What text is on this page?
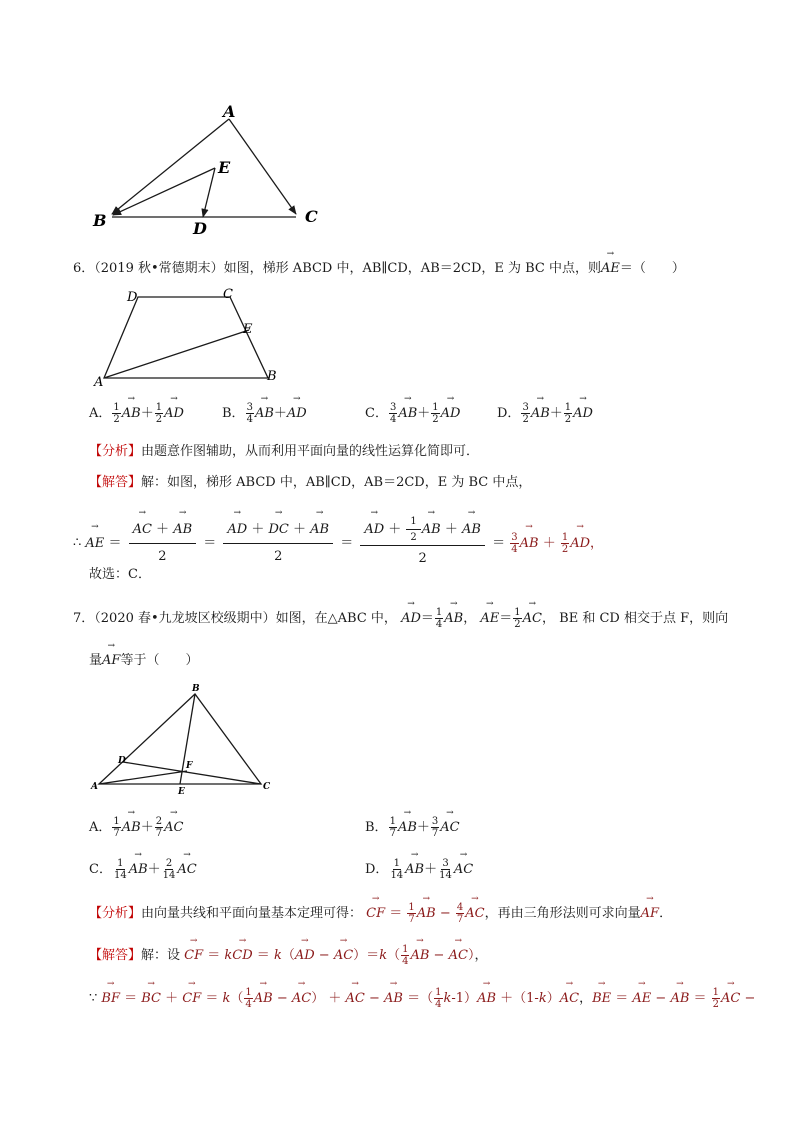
A
E
B	C
D
6．（2019 秋•常德期末）如图，梯形 ABCD 中，AB∥CD，AB＝2CD，E 为 BC 中点，则→ AE＝（　　）
D	C
E
A	B
A． $\frac{1}{2}$
→ $AB+ \frac{1}{2}$
→ AD	B． $\frac{3}{4}$
→ AB＋→ AD	C． $\frac{3}{4}$
→ $AB+ \frac{1}{2}$
→ AD	D． $\frac{3}{2}$
→ $AB+ \frac{1}{2}$
→ AD
【分析】由题意作图辅助，从而利用平面向量的线性运算化简即可．
【解答】解：如图，梯形 ABCD 中，AB∥CD，AB＝2CD，E 为 BC 中点，
∴ → AE ＝
→ $\frac{AC + \to AB}{2}$ ＝
→ $\frac{AD + \to DC + \to AB}{2}$ ＝
→ AD ＋ $\frac{1}{2}$
→ AB ＋ → AB
$2 = \frac{3}{4}$
→ AB ＋ $\frac{1}{2}$
→ AD，
故选：C．
7．（2020 春•九龙坡区校级期中）如图，在△ABC 中， → $AD= \frac{1}{4}$
→ AB， → $AE= \frac{1}{2}$
→ AC， BE 和 CD 相交于点 F，则向
量→ AF等于（　　）
B
D	F
A	E	C
A． $\frac{1}{7}$
→ $AB+ \frac{2}{7}$
→ AC	B． $\frac{1}{7}$
→ $AB+ \frac{3}{7}$
→ AC
C． $\frac{1}{14}$
→ $AB+ \frac{2}{14}$
→ AC	D． $\frac{1}{14}$
→ $AB+ \frac{3}{14}$
→ AC
【分析】由向量共线和平面向量基本定理可得： → CF ＝ $\frac{1}{7}$
→ AB − $\frac{4}{7}$
→ AC，再由三角形法则可求向量→ AF．
【解答】解：设 → CF ＝ k→ CD ＝ k（→ AD − → $AC)=k( \frac{1}{4}$
→ AB − → AC），
∵ → BF ＝ → BC ＋ → CF ＝ $k( \frac{1}{4}$
→ AB − → AC） ＋ → AC − → AB ＝（ $\frac{1}{4} k-1)\to$ AB ＋（1-k）→ AC，→ BE ＝ → AE − → AB ＝ $\frac{1}{2}$
→ AC −
